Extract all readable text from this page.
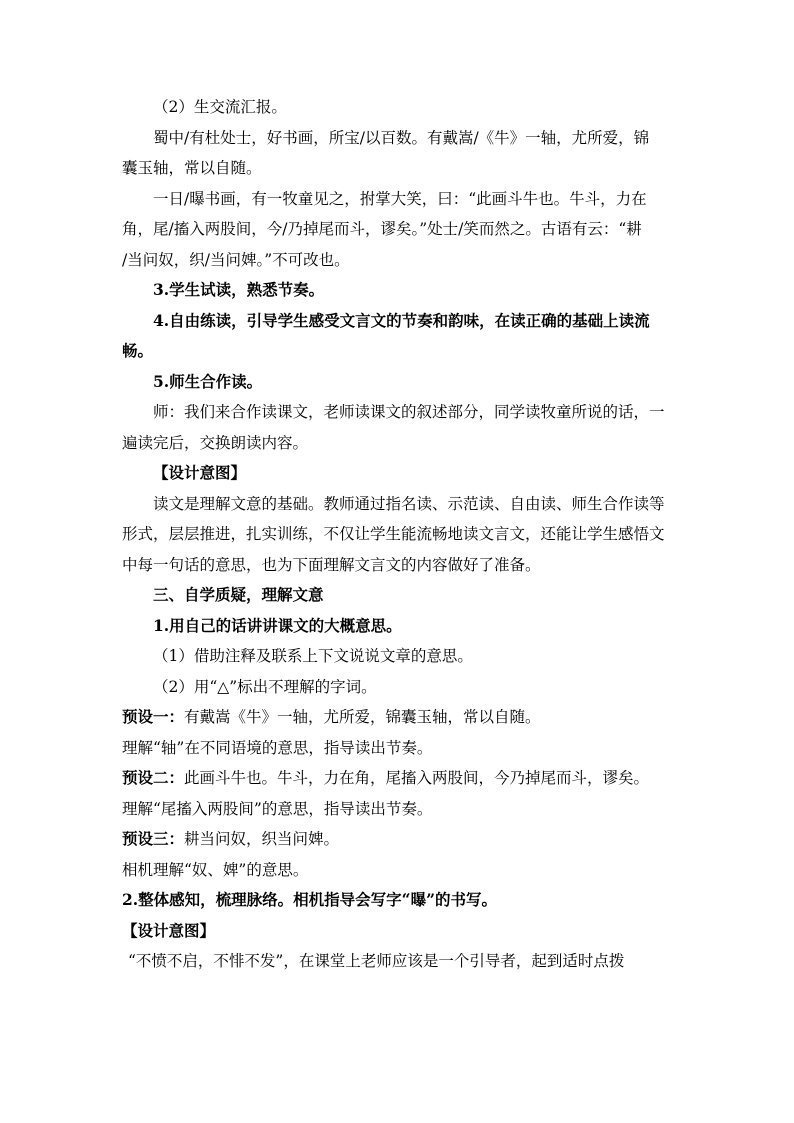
（2）生交流汇报。
蜀中/有杜处士，好书画，所宝/以百数。有戴嵩/《牛》一轴，尤所爱，锦
囊玉轴，常以自随。
一日/曝书画，有一牧童见之，拊掌大笑，曰：“此画斗牛也。牛斗，力在
角，尾/搐入两股间，今/乃掉尾而斗，谬矣。”处士/笑而然之。古语有云：“耕
/当问奴，织/当问婢。”不可改也。
3.学生试读，熟悉节奏。
4.自由练读，引导学生感受文言文的节奏和韵味，在读正确的基础上读流
畅。
5.师生合作读。
师：我们来合作读课文，老师读课文的叙述部分，同学读牧童所说的话，一
遍读完后，交换朗读内容。
【设计意图】
读文是理解文意的基础。教师通过指名读、示范读、自由读、师生合作读等
形式，层层推进，扎实训练，不仅让学生能流畅地读文言文，还能让学生感悟文
中每一句话的意思，也为下面理解文言文的内容做好了准备。
三、自学质疑，理解文意
1.用自己的话讲讲课文的大概意思。
（1）借助注释及联系上下文说说文章的意思。
（2）用“△”标出不理解的字词。
预设一：有戴嵩《牛》一轴，尤所爱，锦囊玉轴，常以自随。
理解“轴”在不同语境的意思，指导读出节奏。
预设二：此画斗牛也。牛斗，力在角，尾搐入两股间，今乃掉尾而斗，谬矣。
理解“尾搐入两股间”的意思，指导读出节奏。
预设三：耕当问奴，织当问婢。
相机理解“奴、婢”的意思。
2.整体感知，梳理脉络。相机指导会写字“曝”的书写。
【设计意图】
“不愤不启，不悱不发”，在课堂上老师应该是一个引导者，起到适时点拨
